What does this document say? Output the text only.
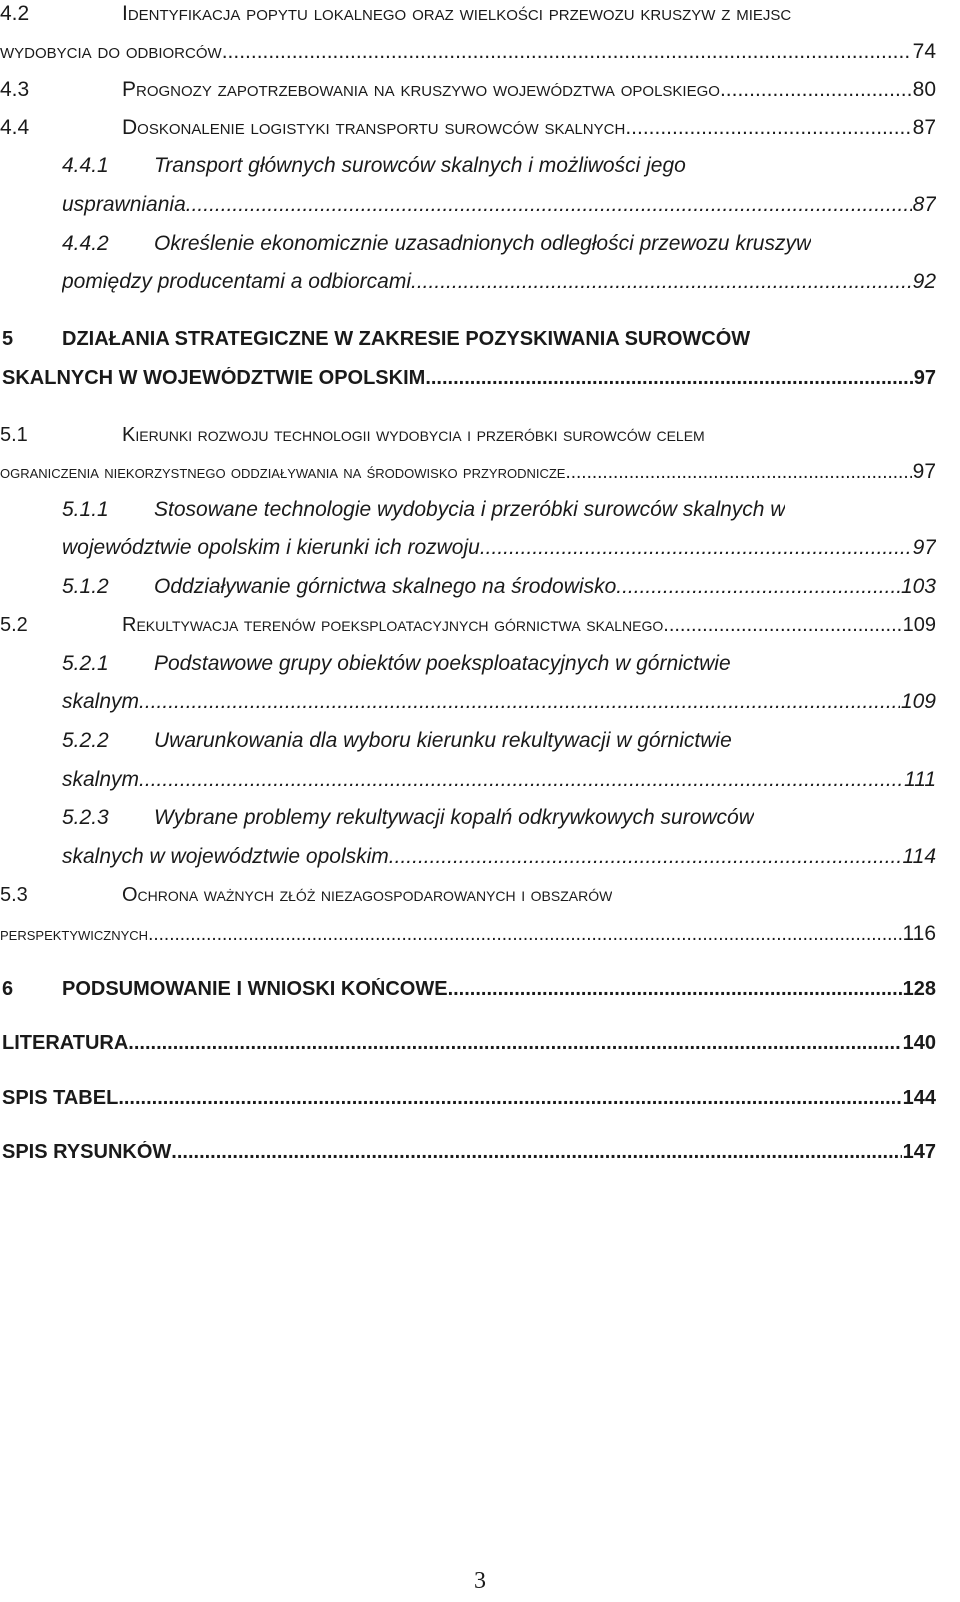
4.2	Identyfikacja popytu lokalnego oraz wielkości przewozu kruszyw z miejsc
wydobycia do odbiorców .....	74
4.3	Prognozy zapotrzebowania na kruszywo województwa opolskiego .....	80
4.4	Doskonalenie logistyki transportu surowców skalnych .....	87
4.4.1 Transport głównych surowców skalnych i możliwości jego
usprawniania .....	87
4.4.2 Określenie ekonomicznie uzasadnionych odległości przewozu kruszyw
pomiędzy producentami a odbiorcami .....	92
5 DZIAŁANIA STRATEGICZNE W ZAKRESIE POZYSKIWANIA SUROWCÓW
SKALNYCH W WOJEWÓDZTWIE OPOLSKIM .....	97
5.1	Kierunki rozwoju technologii wydobycia i przeróbki surowców celem
ograniczenia niekorzystnego oddziaływania na środowisko przyrodnicze .....	97
5.1.1 Stosowane technologie wydobycia i przeróbki surowców skalnych w
województwie opolskim i kierunki ich rozwoju .....	97
5.1.2	Oddziaływanie górnictwa skalnego na środowisko .....	103
5.2	Rekultywacja terenów poeksploatacyjnych górnictwa skalnego .....	109
5.2.1 Podstawowe grupy obiektów poeksploatacyjnych w górnictwie
skalnym .....	109
5.2.2 Uwarunkowania dla wyboru kierunku rekultywacji w górnictwie
skalnym .....	111
5.2.3 Wybrane problemy rekultywacji kopalń odkrywkowych surowców
skalnych w województwie opolskim .....	114
5.3	Ochrona ważnych złóż niezagospodarowanych i obszarów
perspektywicznych .....	116
6	PODSUMOWANIE I WNIOSKI KOŃCOWE .....	128
LITERATURA .....	140
SPIS TABEL .....	144
SPIS RYSUNKÓW .....	147
3
